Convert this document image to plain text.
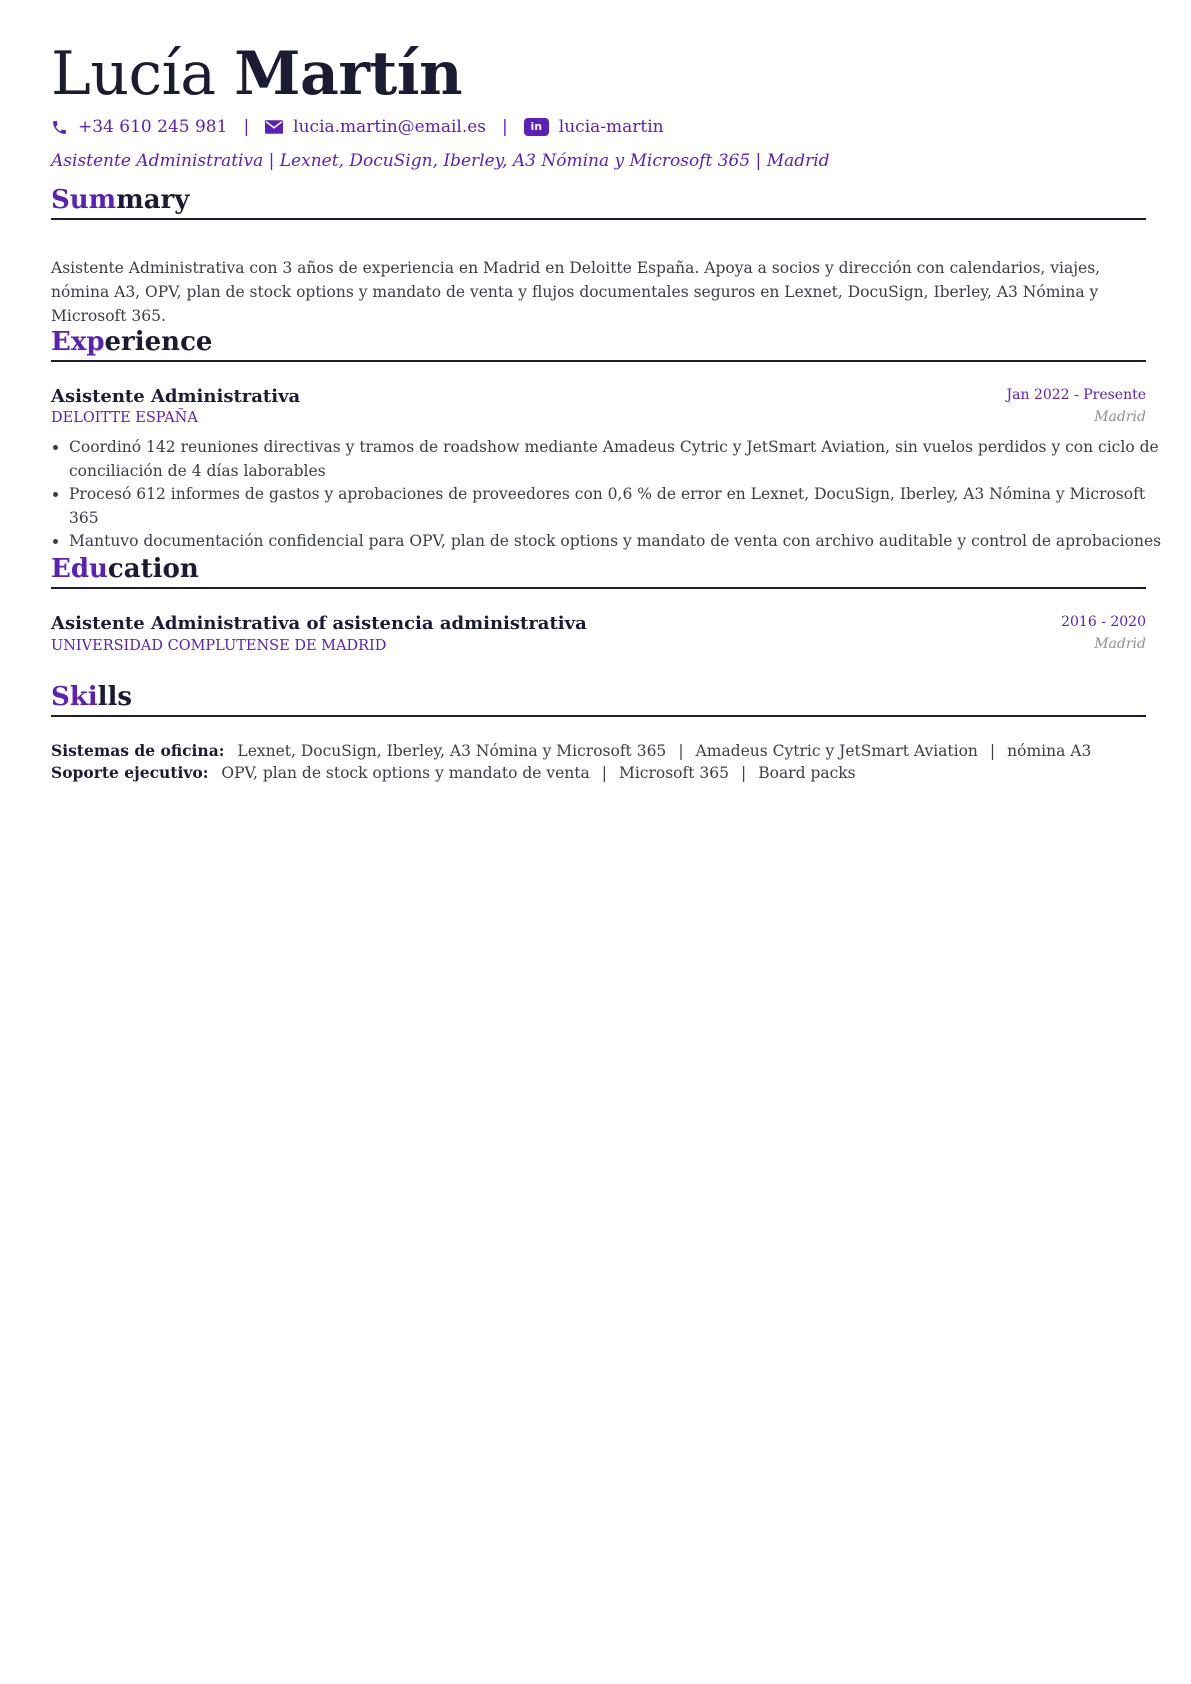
Lucía Martín
+34 610 245 981 |	lucia.martin@email.es |	in lucia-martin
Asistente Administrativa | Lexnet, DocuSign, Iberley, A3 Nómina y Microsoft 365 | Madrid
Summary

Asistente Administrativa con 3 años de experiencia en Madrid en Deloitte España. Apoya a socios y dirección con calendarios, viajes, nómina A3, OPV, plan de stock options y mandato de venta y flujos documentales seguros en Lexnet, DocuSign, Iberley, A3 Nómina y Microsoft 365.

Experience
Asistente Administrativa
DELOITTE ESPAÑA
Jan 2022 - Presente
Madrid
• Coordinó 142 reuniones directivas y tramos de roadshow mediante Amadeus Cytric y JetSmart Aviation, sin vuelos perdidos y con ciclo de conciliación de 4 días laborables
• Procesó 612 informes de gastos y aprobaciones de proveedores con 0,6 % de error en Lexnet, DocuSign, Iberley, A3 Nómina y Microsoft 365
• Mantuvo documentación confidencial para OPV, plan de stock options y mandato de venta con archivo auditable y control de aprobaciones
Education
Asistente Administrativa of asistencia administrativa
UNIVERSIDAD COMPLUTENSE DE MADRID
2016 - 2020
Madrid
Skills
Sistemas de oficina: Lexnet, DocuSign, Iberley, A3 Nómina y Microsoft 365 | Amadeus Cytric y JetSmart Aviation | nómina A3
Soporte ejecutivo: OPV, plan de stock options y mandato de venta | Microsoft 365 | Board packs
